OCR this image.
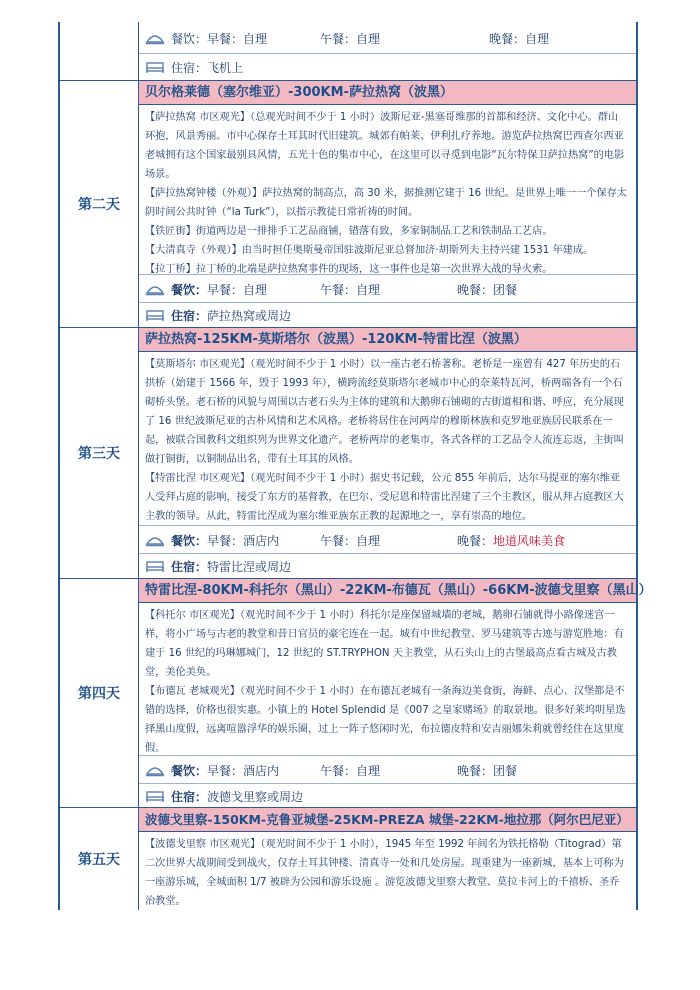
餐饮： 早餐： 自理	午餐：自理	晚餐：自理
住宿： 飞机上
第二天
贝尔格莱德（塞尔维亚）-300KM-萨拉热窝（波黑）

【萨拉热窝 市区观光】（总观光时间不少于 1 小时）波斯尼亚-黑塞哥维那的首都和经济、文化中心。群山环抱，风景秀丽。市中心保存土耳其时代旧建筑。城郊有帕莱、伊利扎疗养地。游览萨拉热窝巴西查尔西亚老城拥有这个国家最别具风情，五光十色的集市中心，在这里可以寻觅到电影“瓦尔特保卫萨拉热窝”的电影场景。

【萨拉热窝钟楼（外观）】萨拉热窝的制高点，高 30 米，据推测它建于 16 世纪。是世界上唯一一个保存太阴时间公共时钟（“la Turk”），以指示教徒日常祈祷的时间。

【铁匠街】街道两边是一排排手工艺品商铺，错落有致，多家铜制品工艺和铁制品工艺店。

【大清真寺（外观）】由当时担任奥斯曼帝国驻波斯尼亚总督加济·胡斯列夫主持兴建 1531 年建成。

【拉丁桥】拉丁桥的北端是萨拉热窝事件的现场，这一事件也是第一次世界大战的导火索。

餐饮： 早餐： 自理	午餐：自理	晚餐：团餐
住宿： 萨拉热窝或周边
第三天
萨拉热窝-125KM-莫斯塔尔（波黑）-120KM-特雷比涅（波黑）

【莫斯塔尔 市区观光】（观光时间不少于 1 小时）以一座古老石桥著称。老桥是一座曾有 427 年历史的石拱桥（始建于 1566 年，毁于 1993 年），横跨流经莫斯塔尔老城市中心的奈莱特瓦河，桥两端各有一个石砌桥头堡。老石桥的风貌与周围以古老石头为主体的建筑和大鹅卵石铺砌的古街道相和谐、呼应，充分展现了 16 世纪波斯尼亚的古朴风情和艺术风格。老桥将居住在河两岸的穆斯林族和克罗地亚族居民联系在一起，被联合国教科文组织列为世界文化遗产。老桥两岸的老集市，各式各样的工艺品令人流连忘返，主街叫做打铜街，以铜制品出名，带有土耳其的风格。

【特雷比涅 市区观光】（观光时间不少于 1 小时）据史书记载，公元 855 年前后，达尔马提亚的塞尔维亚人受拜占庭的影响，接受了东方的基督教，在巴尔、受尼恩和特雷比涅建了三个主教区，服从拜占庭教区大主教的领导。从此，特雷比涅成为塞尔维亚族东正教的起源地之一，享有崇高的地位。

餐饮： 早餐： 酒店内	午餐：自理	晚餐：地道风味美食
住宿： 特雷比涅或周边
第四天
特雷比涅-80KM-科托尔（黑山）-22KM-布德瓦（黑山）-66KM-波德戈里察（黑山）

【科托尔 市区观光】（观光时间不少于 1 小时）科托尔是座保留城墙的老城，鹅卵石铺就得小路像迷宫一样，将小广场与古老的教堂和昔日官员的豪宅连在一起。城有中世纪教堂、罗马建筑等古迹与游览胜地：有建于 16 世纪的玛琳娜城门，12 世纪的 ST.TRYPHON 天主教堂，从石头山上的古堡最高点看古城及古教堂，美伦美奂。

【布德瓦 老城观光】（观光时间不少于 1 小时）在布德瓦老城有一条海边美食街，海鲜、点心、汉堡都是不错的选择，价格也很实惠。小镇上的 Hotel Splendid 是《007 之皇家赌场》的取景地。很多好莱坞明星选择黑山度假，远离喧嚣浮华的娱乐圈，过上一阵子悠闲时光，布拉德皮特和安吉丽娜朱莉就曾经住在这里度假。

餐饮： 早餐： 酒店内	午餐：自理	晚餐：团餐
住宿： 波德戈里察或周边
第五天
波德戈里察-150KM-克鲁亚城堡-25KM-PREZA 城堡-22KM-地拉那（阿尔巴尼亚）

【波德戈里察 市区观光】（观光时间不少于 1 小时），1945 年至 1992 年间名为铁托格勒（Titograd）第二次世界大战期间受到战火，仅存土耳其钟楼、清真寺一处和几处房屋。现重建为一座新城，基本上可称为一座游乐城，全城面积 1/7 被辟为公园和游乐设施 。游览波德戈里察大教堂、莫拉卡河上的千禧桥、圣乔治教堂。
